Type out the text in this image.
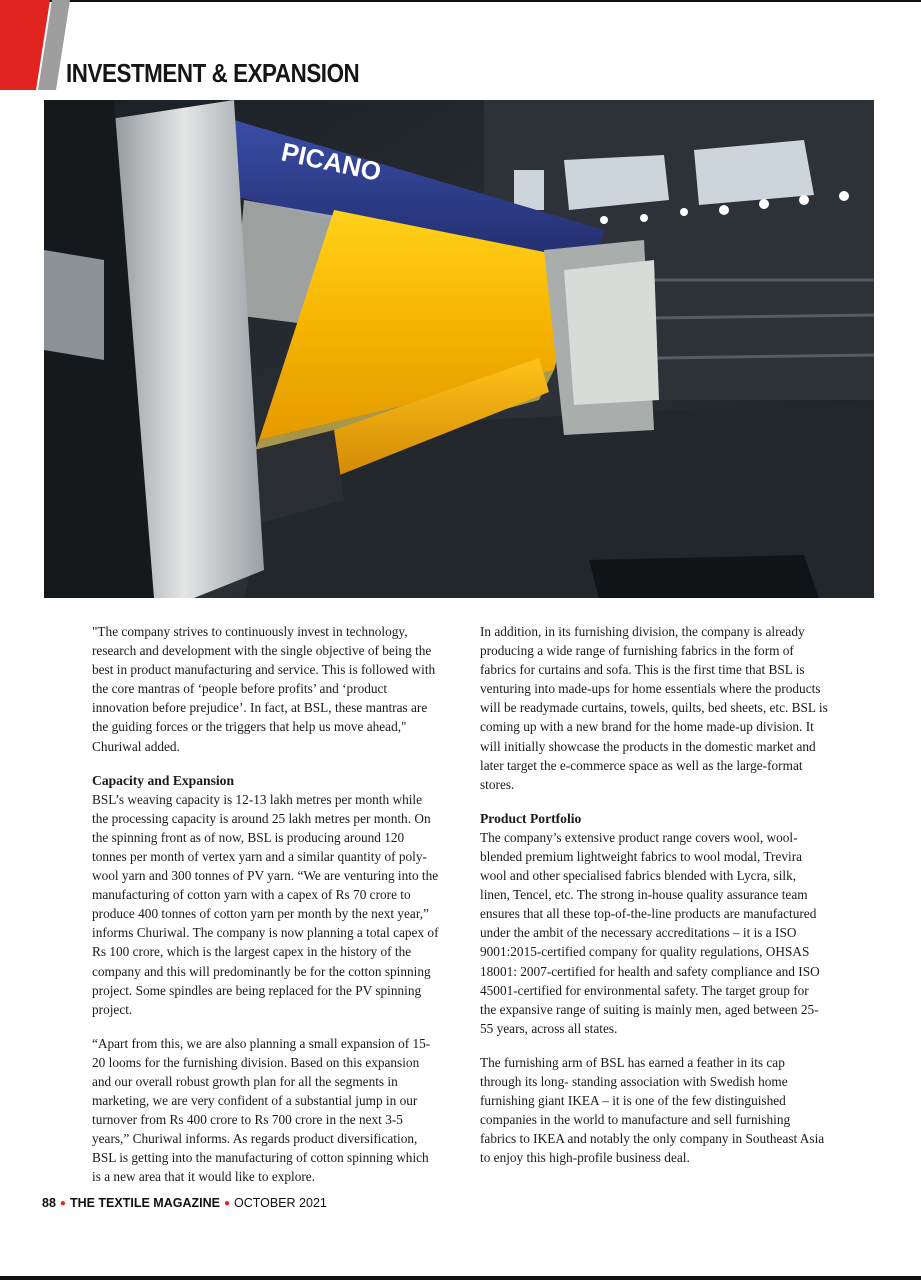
INVESTMENT & EXPANSION
PICANO

"The company strives to continuously invest in technology, research and development with the single objective of being the best in product manufacturing and service. This is followed with the core mantras of ‘people before profits’ and ‘product innovation before prejudice’. In fact, at BSL, these mantras are the guiding forces or the triggers that help us move ahead," Churiwal added.

Capacity and Expansion

BSL’s weaving capacity is 12-13 lakh metres per month while the processing capacity is around 25 lakh metres per month. On the spinning front as of now, BSL is producing around 120 tonnes per month of vertex yarn and a similar quantity of poly-wool yarn and 300 tonnes of PV yarn. “We are venturing into the manufacturing of cotton yarn with a capex of Rs 70 crore to produce 400 tonnes of cotton yarn per month by the next year,” informs Churiwal. The company is now planning a total capex of Rs 100 crore, which is the largest capex in the history of the company and this will predominantly be for the cotton spinning project. Some spindles are being replaced for the PV spinning project.

“Apart from this, we are also planning a small expansion of 15-20 looms for the furnishing division. Based on this expansion and our overall robust growth plan for all the segments in marketing, we are very confident of a substantial jump in our turnover from Rs 400 crore to Rs 700 crore in the next 3-5 years,” Churiwal informs. As regards product diversification, BSL is getting into the manufacturing of cotton spinning which is a new area that it would like to explore.

In addition, in its furnishing division, the company is already producing a wide range of furnishing fabrics in the form of fabrics for curtains and sofa. This is the first time that BSL is venturing into made-ups for home essentials where the products will be readymade curtains, towels, quilts, bed sheets, etc. BSL is coming up with a new brand for the home made-up division. It will initially showcase the products in the domestic market and later target the e-commerce space as well as the large-format stores.

Product Portfolio

The company’s extensive product range covers wool, wool-blended premium lightweight fabrics to wool modal, Trevira wool and other specialised fabrics blended with Lycra, silk, linen, Tencel, etc. The strong in-house quality assurance team ensures that all these top-of-the-line products are manufactured under the ambit of the necessary accreditations – it is a ISO 9001:2015-certified company for quality regulations, OHSAS 18001: 2007-certified for health and safety compliance and ISO 45001-certified for environmental safety. The target group for the expansive range of suiting is mainly men, aged between 25-55 years, across all states.

The furnishing arm of BSL has earned a feather in its cap through its long- standing association with Swedish home furnishing giant IKEA – it is one of the few distinguished companies in the world to manufacture and sell furnishing fabrics to IKEA and notably the only company in Southeast Asia to enjoy this high-profile business deal.

88 ● THE TEXTILE MAGAZINE ● OCTOBER 2021
